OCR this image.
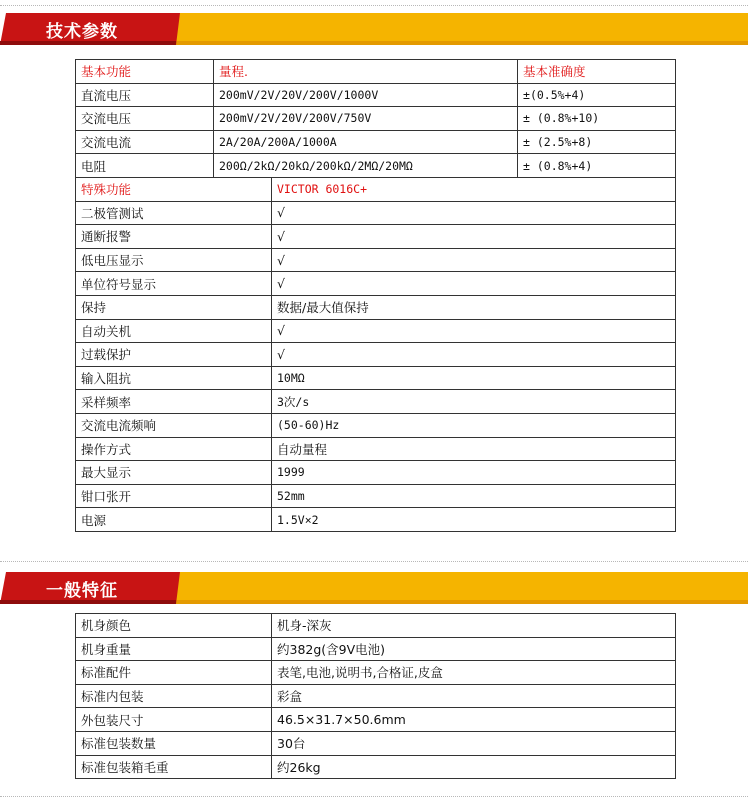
技术参数
基本功能	量程.		基本准确度
直流电压	200mV/2V/20V/200V/1000V		±(0.5%+4)
交流电压	200mV/2V/20V/200V/750V		± (0.8%+10)
交流电流	2A/20A/200A/1000A		± (2.5%+8)
电阻	200Ω/2kΩ/20kΩ/200kΩ/2MΩ/20MΩ		± (0.8%+4)
特殊功能		VICTOR 6016C+	
二极管测试		√	
通断报警		√	
低电压显示		√	
单位符号显示		√	
保持		数据/最大值保持	
自动关机		√	
过载保护		√	
输入阻抗		10MΩ	
采样频率		3次/s	
交流电流频响		(50-60)Hz	
操作方式		自动量程	
最大显示		1999	
钳口张开		52mm	
电源		1.5V×2	
一般特征
机身颜色	机身-深灰
机身重量	约382g(含9V电池)
标准配件	表笔,电池,说明书,合格证,皮盒
标准内包装	彩盒
外包装尺寸	46.5×31.7×50.6mm
标准包装数量	30台
标准包装箱毛重	约26kg
